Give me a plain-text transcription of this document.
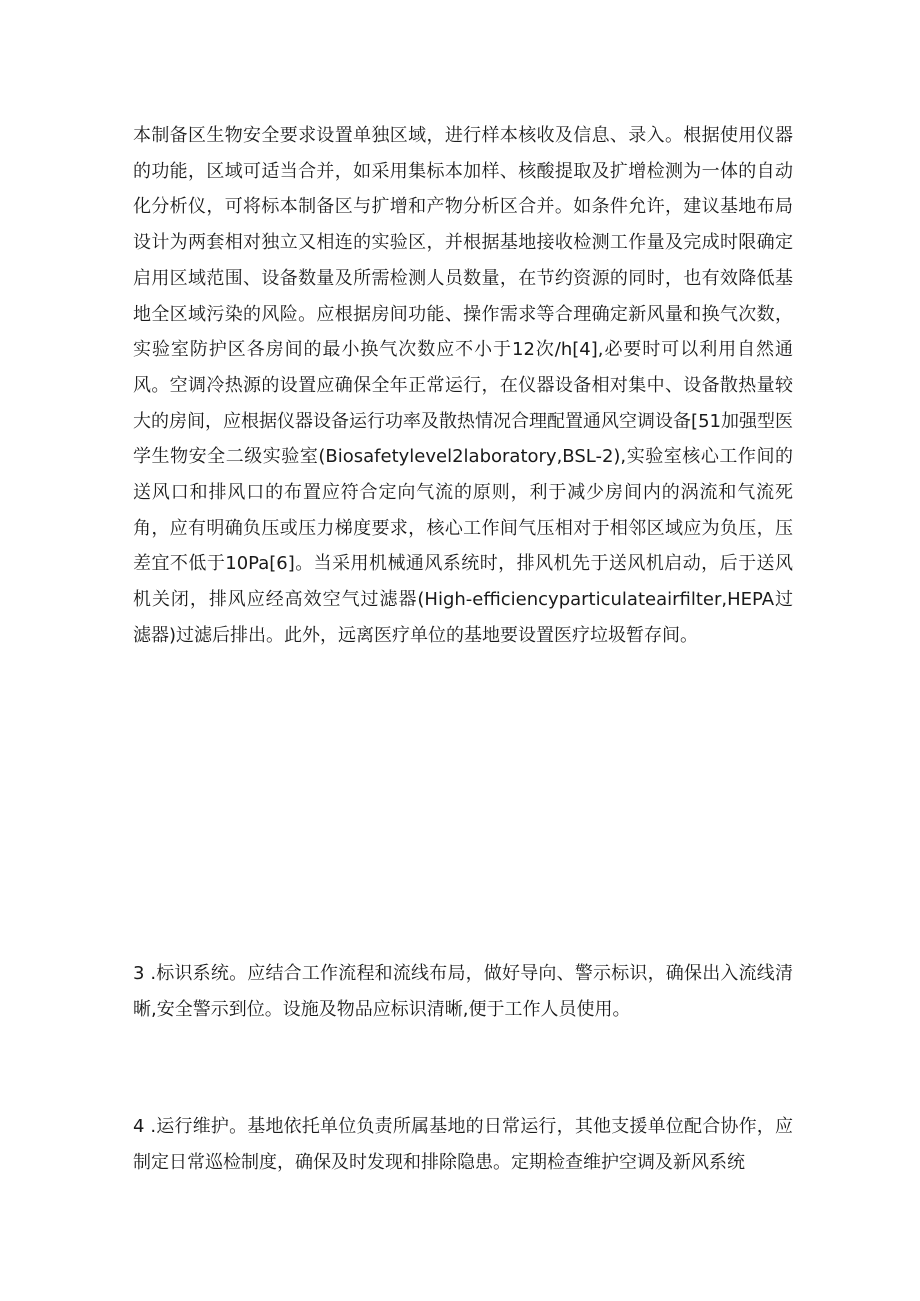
本制备区生物安全要求设置单独区域，进行样本核收及信息、录入。根据使用仪器的功能，区域可适当合并，如采用集标本加样、核酸提取及扩增检测为一体的自动化分析仪，可将标本制备区与扩增和产物分析区合并。如条件允许，建议基地布局设计为两套相对独立又相连的实验区，并根据基地接收检测工作量及完成时限确定启用区域范围、设备数量及所需检测人员数量，在节约资源的同时，也有效降低基地全区域污染的风险。应根据房间功能、操作需求等合理确定新风量和换气次数，实验室防护区各房间的最小换气次数应不小于12次/h[4],必要时可以利用自然通风。空调冷热源的设置应确保全年正常运行，在仪器设备相对集中、设备散热量较大的房间，应根据仪器设备运行功率及散热情况合理配置通风空调设备[51加强型医学生物安全二级实验室(Biosafetylevel2laboratory,BSL-2),实验室核心工作间的送风口和排风口的布置应符合定向气流的原则，利于减少房间内的涡流和气流死角，应有明确负压或压力梯度要求，核心工作间气压相对于相邻区域应为负压，压差宜不低于10Pa[6]。当采用机械通风系统时，排风机先于送风机启动，后于送风机关闭，排风应经高效空气过滤器(High-efficiencyparticulateairfilter,HEPA过滤器)过滤后排出。此外，远离医疗单位的基地要设置医疗垃圾暂存间。

3 .标识系统。应结合工作流程和流线布局，做好导向、警示标识，确保出入流线清晰,安全警示到位。设施及物品应标识清晰,便于工作人员使用。

4 .运行维护。基地依托单位负责所属基地的日常运行，其他支援单位配合协作，应制定日常巡检制度，确保及时发现和排除隐患。定期检查维护空调及新风系统
